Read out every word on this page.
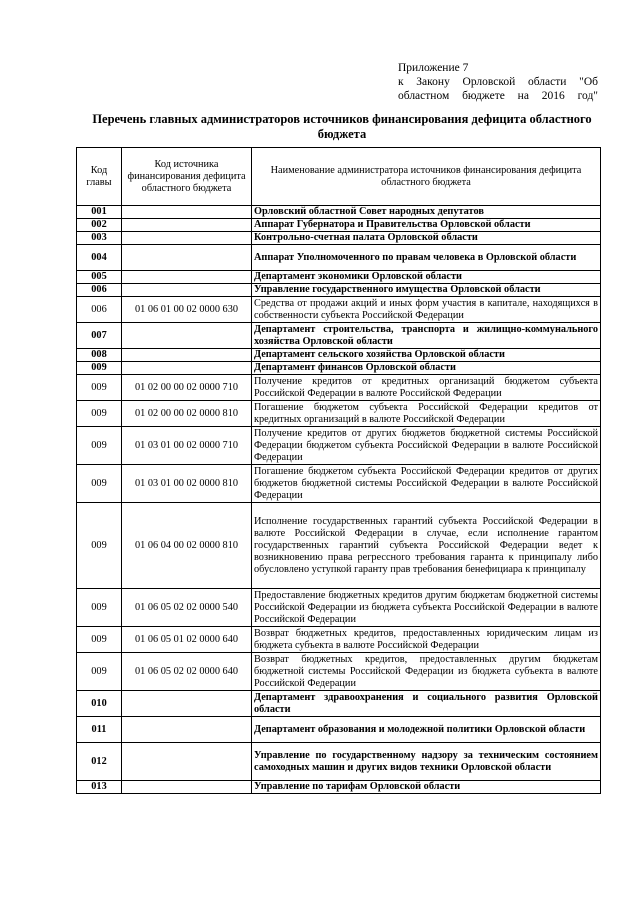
Приложение 7
к Закону Орловской области "Об
областном бюджете на 2016 год"
Перечень главных администраторов источников финансирования дефицита областного бюджета
Код главы	Код источника финансирования дефицита областного бюджета	Наименование администратора источников финансирования дефицита областного бюджета
001		Орловский областной Совет народных депутатов
002		Аппарат Губернатора и Правительства Орловской области
003		Контрольно-счетная палата Орловской области
004		Аппарат Уполномоченного по правам человека в Орловской области
005		Департамент экономики Орловской области
006		Управление государственного имущества Орловской области
006	01 06 01 00 02 0000 630	Средства от продажи акций и иных форм участия в капитале, находящихся в собственности субъекта Российской Федерации
007		Департамент строительства, транспорта и жилищно-коммунального хозяйства Орловской области
008		Департамент сельского хозяйства Орловской области
009		Департамент финансов Орловской области
009	01 02 00 00 02 0000 710	Получение кредитов от кредитных организаций бюджетом субъекта Российской Федерации в валюте Российской Федерации
009	01 02 00 00 02 0000 810	Погашение бюджетом субъекта Российской Федерации кредитов от кредитных организаций в валюте Российской Федерации
009	01 03 01 00 02 0000 710	Получение кредитов от других бюджетов бюджетной системы Российской Федерации бюджетом субъекта Российской Федерации в валюте Российской Федерации
009	01 03 01 00 02 0000 810	Погашение бюджетом субъекта Российской Федерации кредитов от других бюджетов бюджетной системы Российской Федерации в валюте Российской Федерации
009	01 06 04 00 02 0000 810	Исполнение государственных гарантий субъекта Российской Федерации в валюте Российской Федерации в случае, если исполнение гарантом государственных гарантий субъекта Российской Федерации ведет к возникновению права регрессного требования гаранта к принципалу либо обусловлено уступкой гаранту прав требования бенефициара к принципалу
009	01 06 05 02 02 0000 540	Предоставление бюджетных кредитов другим бюджетам бюджетной системы Российской Федерации из бюджета субъекта Российской Федерации в валюте Российской Федерации
009	01 06 05 01 02 0000 640	Возврат бюджетных кредитов, предоставленных юридическим лицам из бюджета субъекта в валюте Российской Федерации
009	01 06 05 02 02 0000 640	Возврат бюджетных кредитов, предоставленных другим бюджетам бюджетной системы Российской Федерации из бюджета субъекта в валюте Российской Федерации
010		Департамент здравоохранения и социального развития Орловской области
011		Департамент образования и молодежной политики Орловской области
012		Управление по государственному надзору за техническим состоянием самоходных машин и других видов техники Орловской области
013		Управление по тарифам Орловской области
